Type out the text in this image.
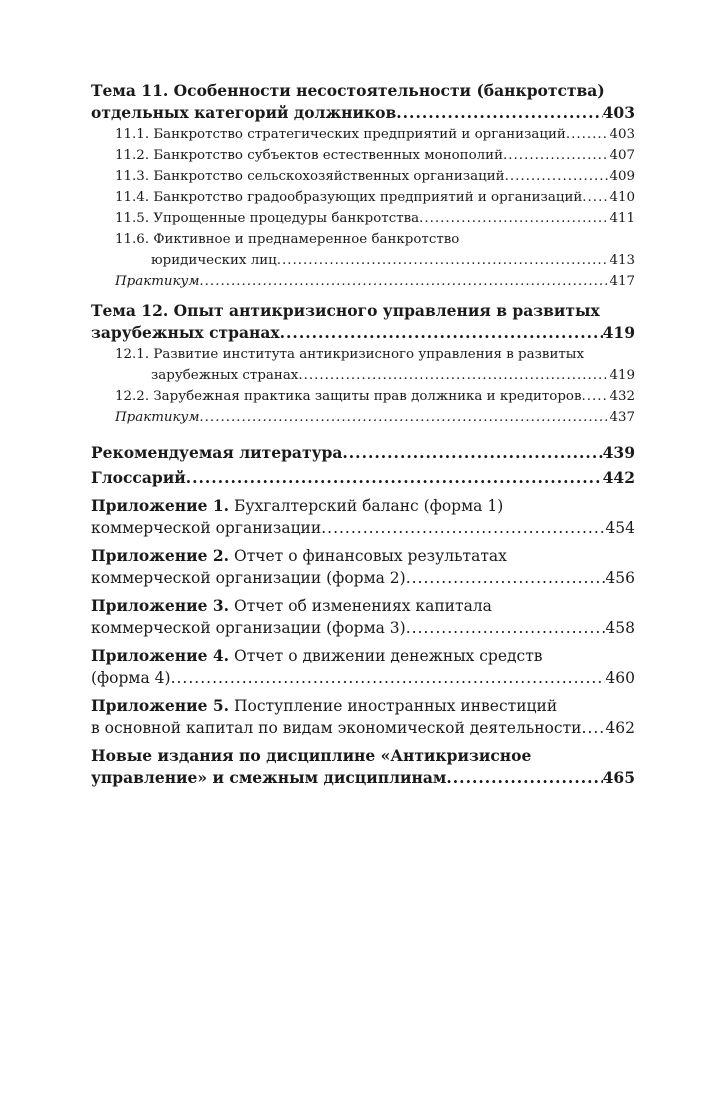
Тема 11. Особенности несостоятельности (банкротства)
отдельных категорий должников .....	403
11.1. Банкротство стратегических предприятий и организаций .....	403
11.2. Банкротство субъектов естественных монополий .....	407
11.3. Банкротство сельскохозяйственных организаций .....	409
11.4. Банкротство градообразующих предприятий и организаций ..... 410
11.5. Упрощенные процедуры банкротства .....	411
11.6. Фиктивное и преднамеренное банкротство
юридических лиц .....	413
Практикум .....	417
Тема 12. Опыт антикризисного управления в развитых
зарубежных странах .....	419
12.1. Развитие института антикризисного управления в развитых
зарубежных странах .....	419
12.2. Зарубежная практика защиты прав должника и кредиторов ..... 432
Практикум .....	437
Рекомендуемая литература .....	439
Глоссарий .....	442
Приложение 1. Бухгалтерский баланс (форма 1)
коммерческой организации .....	454
Приложение 2. Отчет о финансовых результатах
коммерческой организации (форма 2) .....	456
Приложение 3. Отчет об изменениях капитала
коммерческой организации (форма 3) .....	458
Приложение 4. Отчет о движении денежных средств
(форма 4) .....	460
Приложение 5. Поступление иностранных инвестиций
в основной капитал по видам экономической деятельности ..... 462
Новые издания по дисциплине «Антикризисное
управление» и смежным дисциплинам .....	465
